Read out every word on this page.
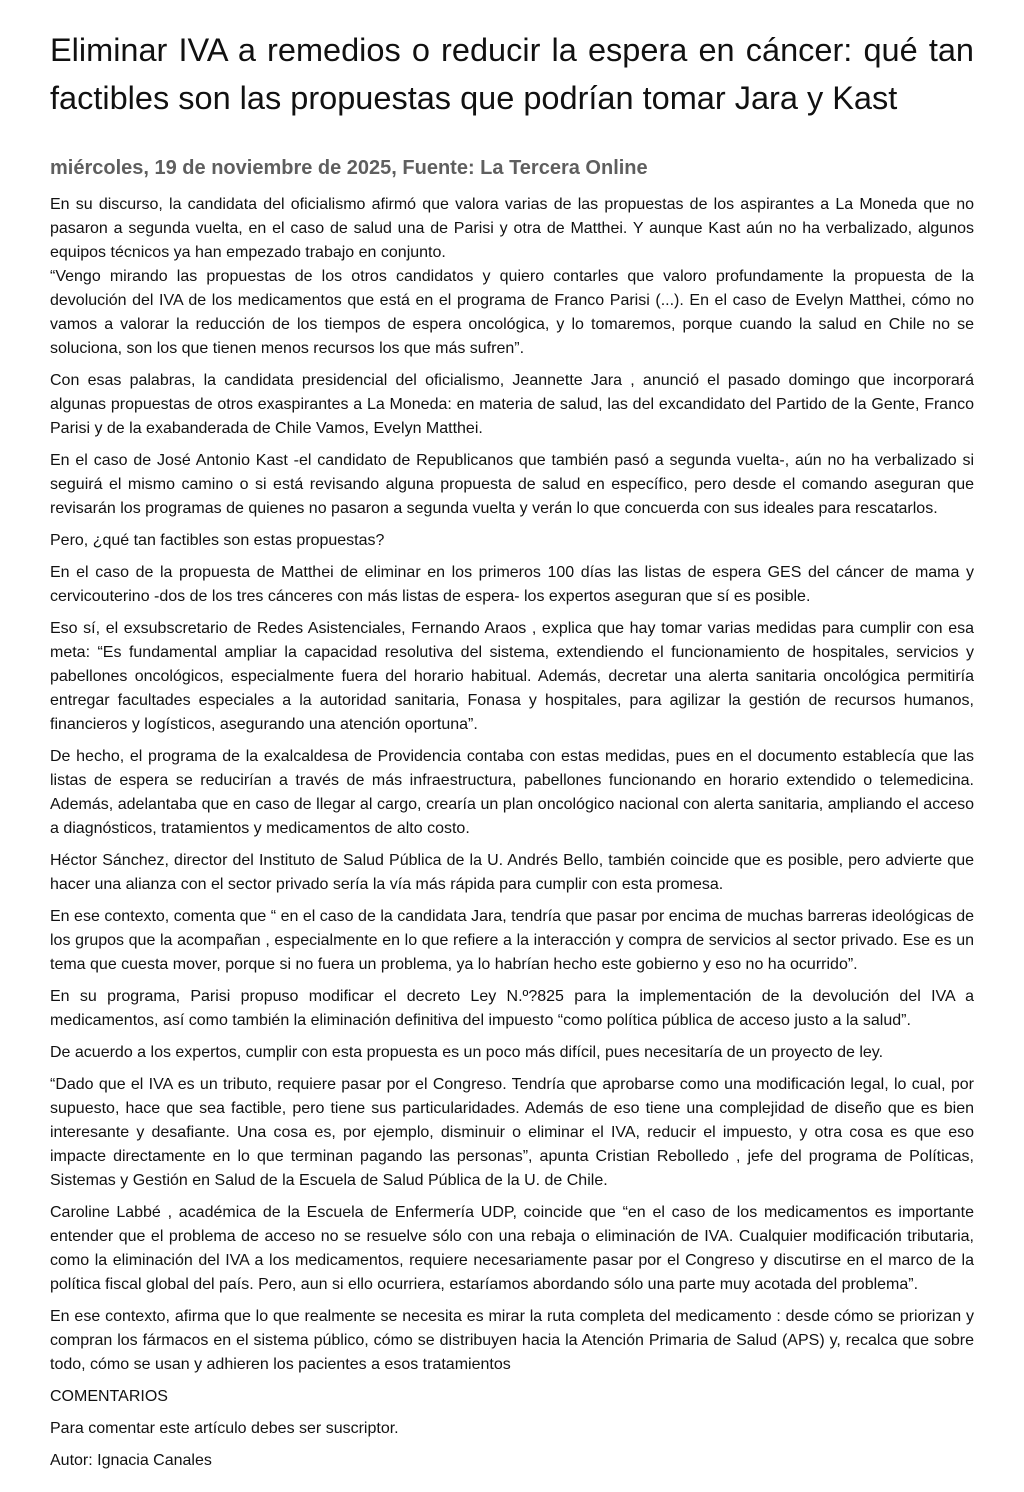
Eliminar IVA a remedios o reducir la espera en cáncer: qué tan factibles son las propuestas que podrían tomar Jara y Kast
miércoles, 19 de noviembre de 2025, Fuente: La Tercera Online

En su discurso, la candidata del oficialismo afirmó que valora varias de las propuestas de los aspirantes a La Moneda que no pasaron a segunda vuelta, en el caso de salud una de Parisi y otra de Matthei. Y aunque Kast aún no ha verbalizado, algunos equipos técnicos ya han empezado trabajo en conjunto.

“Vengo mirando las propuestas de los otros candidatos y quiero contarles que valoro profundamente la propuesta de la devolución del IVA de los medicamentos que está en el programa de Franco Parisi (...). En el caso de Evelyn Matthei, cómo no vamos a valorar la reducción de los tiempos de espera oncológica, y lo tomaremos, porque cuando la salud en Chile no se soluciona, son los que tienen menos recursos los que más sufren”.

Con esas palabras, la candidata presidencial del oficialismo, Jeannette Jara , anunció el pasado domingo que incorporará algunas propuestas de otros exaspirantes a La Moneda: en materia de salud, las del excandidato del Partido de la Gente, Franco Parisi y de la exabanderada de Chile Vamos, Evelyn Matthei.

En el caso de José Antonio Kast -el candidato de Republicanos que también pasó a segunda vuelta-, aún no ha verbalizado si seguirá el mismo camino o si está revisando alguna propuesta de salud en específico, pero desde el comando aseguran que revisarán los programas de quienes no pasaron a segunda vuelta y verán lo que concuerda con sus ideales para rescatarlos.

Pero, ¿qué tan factibles son estas propuestas?

En el caso de la propuesta de Matthei de eliminar en los primeros 100 días las listas de espera GES del cáncer de mama y cervicouterino -dos de los tres cánceres con más listas de espera- los expertos aseguran que sí es posible.

Eso sí, el exsubscretario de Redes Asistenciales, Fernando Araos , explica que hay tomar varias medidas para cumplir con esa meta: “Es fundamental ampliar la capacidad resolutiva del sistema, extendiendo el funcionamiento de hospitales, servicios y pabellones oncológicos, especialmente fuera del horario habitual. Además, decretar una alerta sanitaria oncológica permitiría entregar facultades especiales a la autoridad sanitaria, Fonasa y hospitales, para agilizar la gestión de recursos humanos, financieros y logísticos, asegurando una atención oportuna”.

De hecho, el programa de la exalcaldesa de Providencia contaba con estas medidas, pues en el documento establecía que las listas de espera se reducirían a través de más infraestructura, pabellones funcionando en horario extendido o telemedicina. Además, adelantaba que en caso de llegar al cargo, crearía un plan oncológico nacional con alerta sanitaria, ampliando el acceso a diagnósticos, tratamientos y medicamentos de alto costo.

Héctor Sánchez, director del Instituto de Salud Pública de la U. Andrés Bello, también coincide que es posible, pero advierte que hacer una alianza con el sector privado sería la vía más rápida para cumplir con esta promesa.

En ese contexto, comenta que “ en el caso de la candidata Jara, tendría que pasar por encima de muchas barreras ideológicas de los grupos que la acompañan , especialmente en lo que refiere a la interacción y compra de servicios al sector privado. Ese es un tema que cuesta mover, porque si no fuera un problema, ya lo habrían hecho este gobierno y eso no ha ocurrido”.

En su programa, Parisi propuso modificar el decreto Ley N.º?825 para la implementación de la devolución del IVA a medicamentos, así como también la eliminación definitiva del impuesto “como política pública de acceso justo a la salud”.

De acuerdo a los expertos, cumplir con esta propuesta es un poco más difícil, pues necesitaría de un proyecto de ley.

“Dado que el IVA es un tributo, requiere pasar por el Congreso. Tendría que aprobarse como una modificación legal, lo cual, por supuesto, hace que sea factible, pero tiene sus particularidades. Además de eso tiene una complejidad de diseño que es bien interesante y desafiante. Una cosa es, por ejemplo, disminuir o eliminar el IVA, reducir el impuesto, y otra cosa es que eso impacte directamente en lo que terminan pagando las personas”, apunta Cristian Rebolledo , jefe del programa de Políticas, Sistemas y Gestión en Salud de la Escuela de Salud Pública de la U. de Chile.

Caroline Labbé , académica de la Escuela de Enfermería UDP, coincide que “en el caso de los medicamentos es importante entender que el problema de acceso no se resuelve sólo con una rebaja o eliminación de IVA. Cualquier modificación tributaria, como la eliminación del IVA a los medicamentos, requiere necesariamente pasar por el Congreso y discutirse en el marco de la política fiscal global del país. Pero, aun si ello ocurriera, estaríamos abordando sólo una parte muy acotada del problema”.

En ese contexto, afirma que lo que realmente se necesita es mirar la ruta completa del medicamento : desde cómo se priorizan y compran los fármacos en el sistema público, cómo se distribuyen hacia la Atención Primaria de Salud (APS) y, recalca que sobre todo, cómo se usan y adhieren los pacientes a esos tratamientos

COMENTARIOS

Para comentar este artículo debes ser suscriptor.

Autor: Ignacia Canales
